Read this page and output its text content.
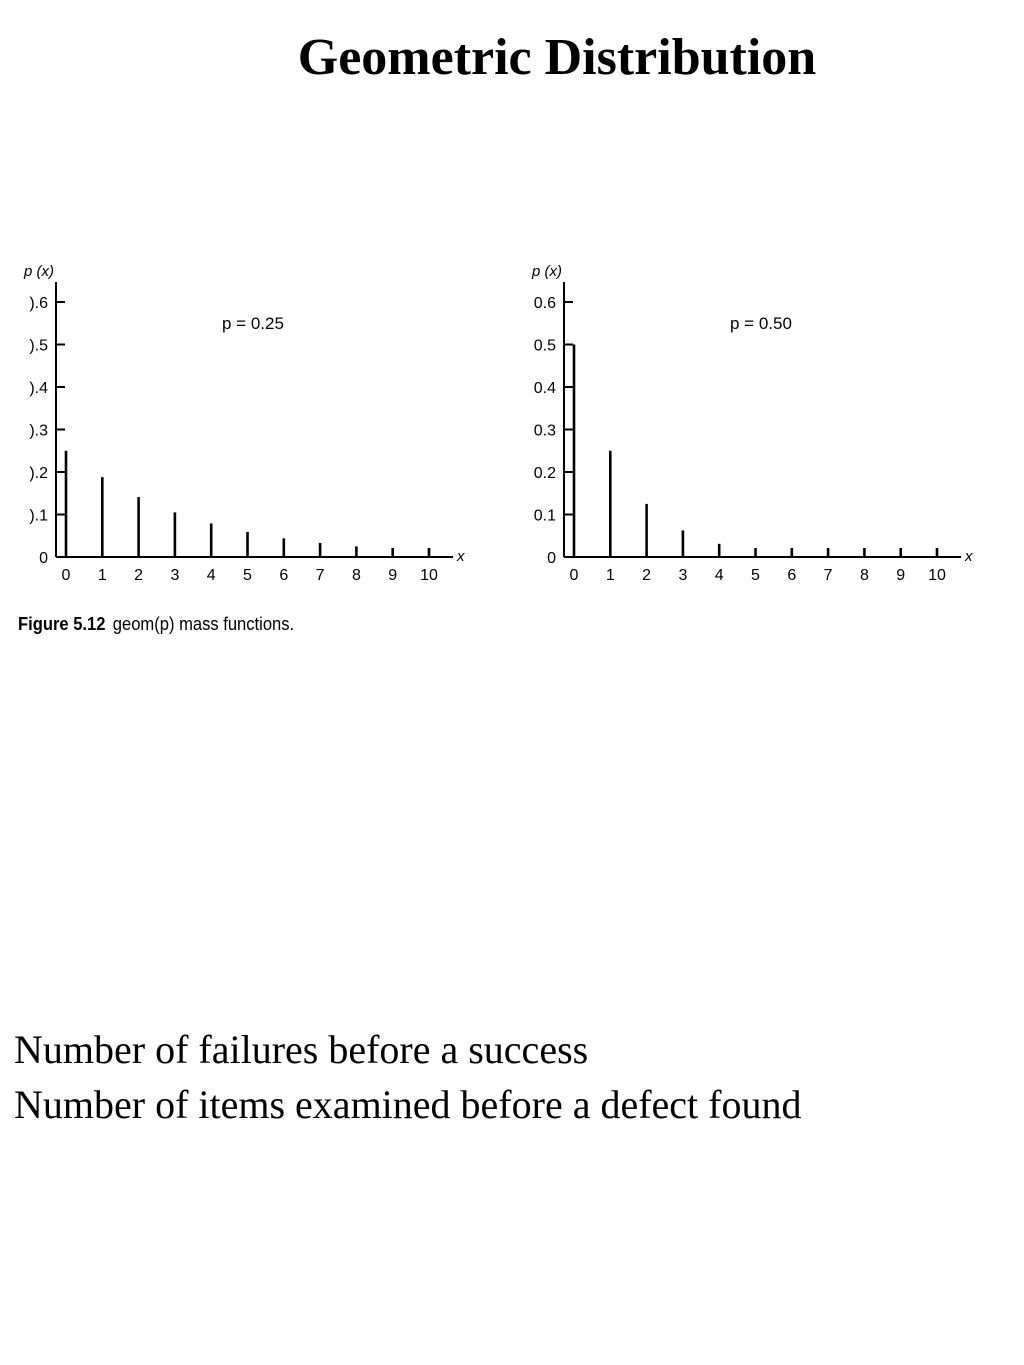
Geometric Distribution
p (x)
x
).6
).5
).4
).3
).2
).1
0
0 1 2 3 4 5 6 7 8 9 10
p = 0.25
p (x)
x
0.6
0.5
0.4
0.3
0.2
0.1
0
0 1 2 3 4 5 6 7 8 9 10
p = 0.50
Figure 5.12 geom(p) mass functions.
Number of failures before a success
Number of items examined before a defect found
